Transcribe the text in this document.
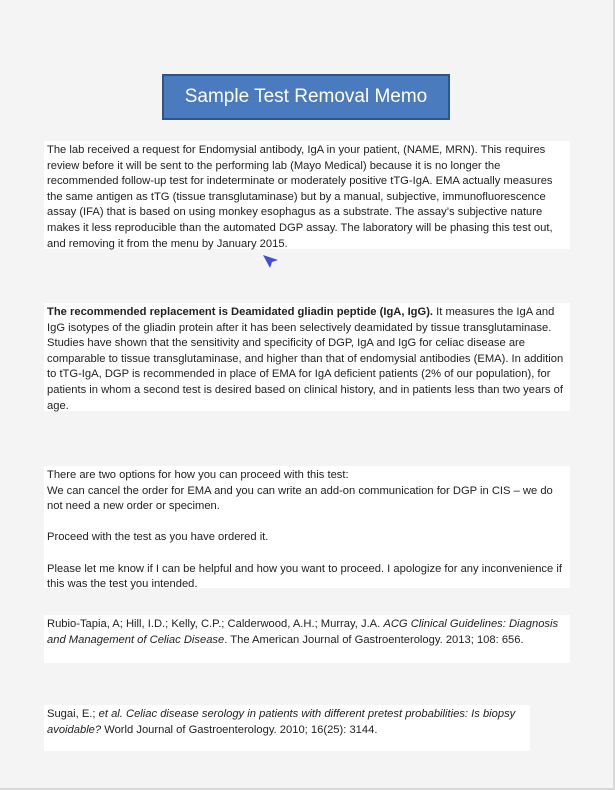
Sample Test Removal Memo

The lab received a request for Endomysial antibody, IgA in your patient, (NAME, MRN). This requires review before it will be sent to the performing lab (Mayo Medical) because it is no longer the recommended follow-up test for indeterminate or moderately positive tTG-IgA. EMA actually measures the same antigen as tTG (tissue transglutaminase) but by a manual, subjective, immunofluorescence assay (IFA) that is based on using monkey esophagus as a substrate. The assay’s subjective nature makes it less reproducible than the automated DGP assay. The laboratory will be phasing this test out, and removing it from the menu by January 2015.

The recommended replacement is Deamidated gliadin peptide (IgA, IgG). It measures the IgA and IgG isotypes of the gliadin protein after it has been selectively deamidated by tissue transglutaminase. Studies have shown that the sensitivity and specificity of DGP, IgA and IgG for celiac disease are comparable to tissue transglutaminase, and higher than that of endomysial antibodies (EMA). In addition to tTG-IgA, DGP is recommended in place of EMA for IgA deficient patients (2% of our population), for patients in whom a second test is desired based on clinical history, and in patients less than two years of age.

There are two options for how you can proceed with this test:

We can cancel the order for EMA and you can write an add-on communication for DGP in CIS – we do not need a new order or specimen.

Proceed with the test as you have ordered it.

Please let me know if I can be helpful and how you want to proceed. I apologize for any inconvenience if this was the test you intended.

Rubio-Tapia, A; Hill, I.D.; Kelly, C.P.; Calderwood, A.H.; Murray, J.A. ACG Clinical Guidelines: Diagnosis and Management of Celiac Disease. The American Journal of Gastroenterology. 2013; 108: 656.

Sugai, E.; et al. Celiac disease serology in patients with different pretest probabilities: Is biopsy avoidable? World Journal of Gastroenterology. 2010; 16(25): 3144.
